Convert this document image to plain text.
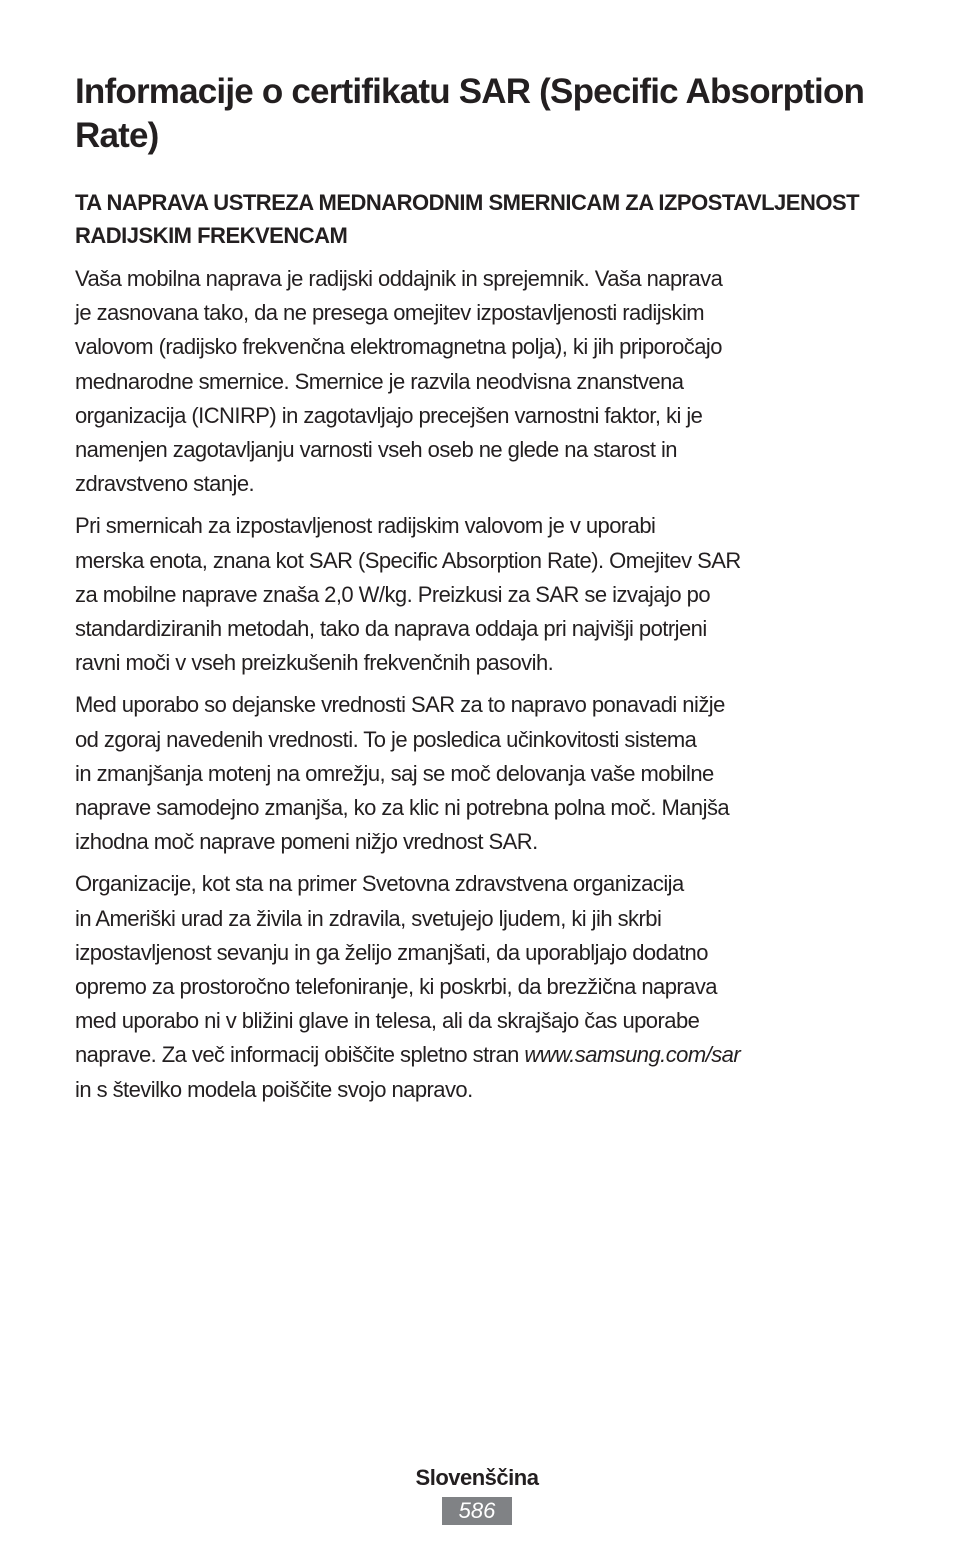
Informacije o certifikatu SAR (Specific Absorption Rate)
TA NAPRAVA USTREZA MEDNARODNIM SMERNICAM ZA IZPOSTAVLJENOST RADIJSKIM FREKVENCAM

Vaša mobilna naprava je radijski oddajnik in sprejemnik. Vaša naprava
je zasnovana tako, da ne presega omejitev izpostavljenosti radijskim
valovom (radijsko frekvenčna elektromagnetna polja), ki jih priporočajo
mednarodne smernice. Smernice je razvila neodvisna znanstvena
organizacija (ICNIRP) in zagotavljajo precejšen varnostni faktor, ki je
namenjen zagotavljanju varnosti vseh oseb ne glede na starost in
zdravstveno stanje.

Pri smernicah za izpostavljenost radijskim valovom je v uporabi
merska enota, znana kot SAR (Specific Absorption Rate). Omejitev SAR
za mobilne naprave znaša 2,0 W/kg. Preizkusi za SAR se izvajajo po
standardiziranih metodah, tako da naprava oddaja pri najvišji potrjeni
ravni moči v vseh preizkušenih frekvenčnih pasovih.

Med uporabo so dejanske vrednosti SAR za to napravo ponavadi nižje
od zgoraj navedenih vrednosti. To je posledica učinkovitosti sistema
in zmanjšanja motenj na omrežju, saj se moč delovanja vaše mobilne
naprave samodejno zmanjša, ko za klic ni potrebna polna moč. Manjša
izhodna moč naprave pomeni nižjo vrednost SAR.

Organizacije, kot sta na primer Svetovna zdravstvena organizacija
in Ameriški urad za živila in zdravila, svetujejo ljudem, ki jih skrbi
izpostavljenost sevanju in ga želijo zmanjšati, da uporabljajo dodatno
opremo za prostoročno telefoniranje, ki poskrbi, da brezžična naprava
med uporabo ni v bližini glave in telesa, ali da skrajšajo čas uporabe
naprave. Za več informacij obiščite spletno stran www.samsung.com/sar
in s številko modela poiščite svojo napravo.

Slovenščina
586
